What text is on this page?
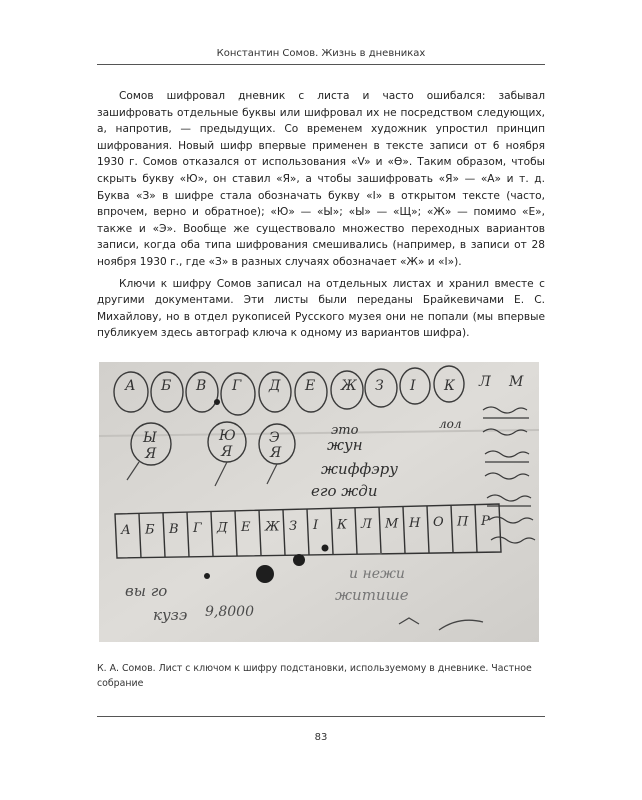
Константин Сомов. Жизнь в дневниках

Сомов шифровал дневник с листа и часто ошибался: забывал зашифровать отдельные буквы или шифровал их не посредством следующих, а, напротив, — предыдущих. Со временем художник упростил принцип шифрования. Новый шифр впервые применен в тексте записи от 6 ноября 1930 г. Сомов отказался от использования «V» и «Ѳ». Таким образом, чтобы скрыть букву «Ю», он ставил «Я», а чтобы зашифровать «Я» — «А» и т. д. Буква «З» в шифре стала обозначать букву «І» в открытом тексте (часто, впрочем, верно и обратное); «Ю» — «Ы»; «Ы» — «Щ»; «Ж» — помимо «Е», также и «Э». Вообще же существовало множество переходных вариантов записи, когда оба типа шифрования смешивались (например, в записи от 28 ноября 1930 г., где «З» в разных случаях обозначает «Ж» и «І»).

Ключи к шифру Сомов записал на отдельных листах и хранил вместе с другими документами. Эти листы были переданы Брайкевичами Е. С. Михайлову, но в отдел рукописей Русского музея они не попали (мы впервые публикуем здесь автограф ключа к одному из вариантов шифра).

А Б В Г Д Е Ж З І К Л М
Ы
Я
Ю
Я
Э
Я
это
жун
жиффэру
его жди
лол
А Б В Г Д Е Ж З І К Л М Н О П Р
вы го
кузэ 9,8000
и нежи
житише
К. А. Сомов. Лист с ключом к шифру подстановки, используемому в дневнике. Частное собрание
83
